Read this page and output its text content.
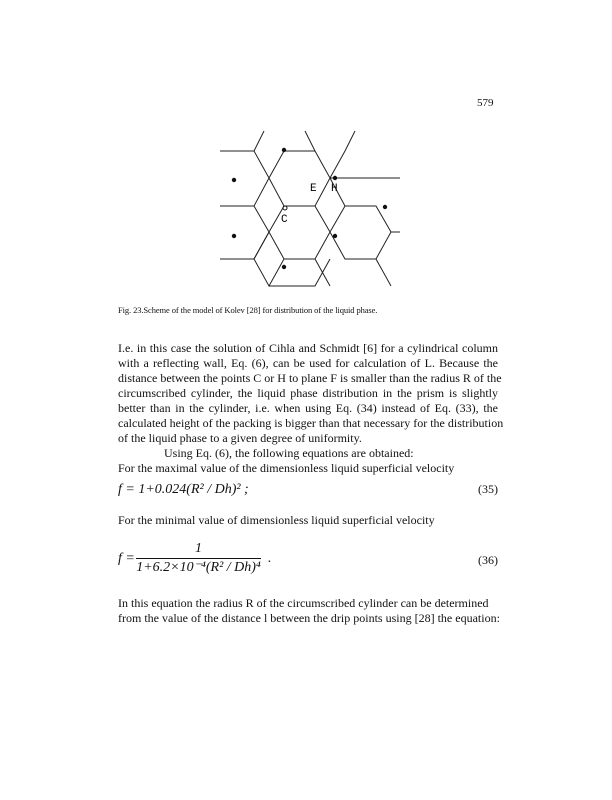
579
E H
C
Fig. 23.Scheme of the model of Kolev [28] for distribution of the liquid phase.
I.e. in this case the solution of Cihla and Schmidt [6] for a cylindrical column
with a reflecting wall, Eq. (6), can be used for calculation of L. Because the
distance between the points C or H to plane F is smaller than the radius R of the
circumscribed cylinder, the liquid phase distribution in the prism is slightly
better than in the cylinder, i.e. when using Eq. (34) instead of Eq. (33), the
calculated height of the packing is bigger than that necessary for the distribution
of the liquid phase to a given degree of uniformity.
Using Eq. (6), the following equations are obtained:
For the maximal value of the dimensionless liquid superficial velocity
f = 1+0.024(R² / Dh)² ;	(35)
For the minimal value of dimensionless liquid superficial velocity
f =
1
1+6.2×10⁻⁴(R² / Dh)⁴
.	(36)
In this equation the radius R of the circumscribed cylinder can be determined
from the value of the distance l between the drip points using [28] the equation:
